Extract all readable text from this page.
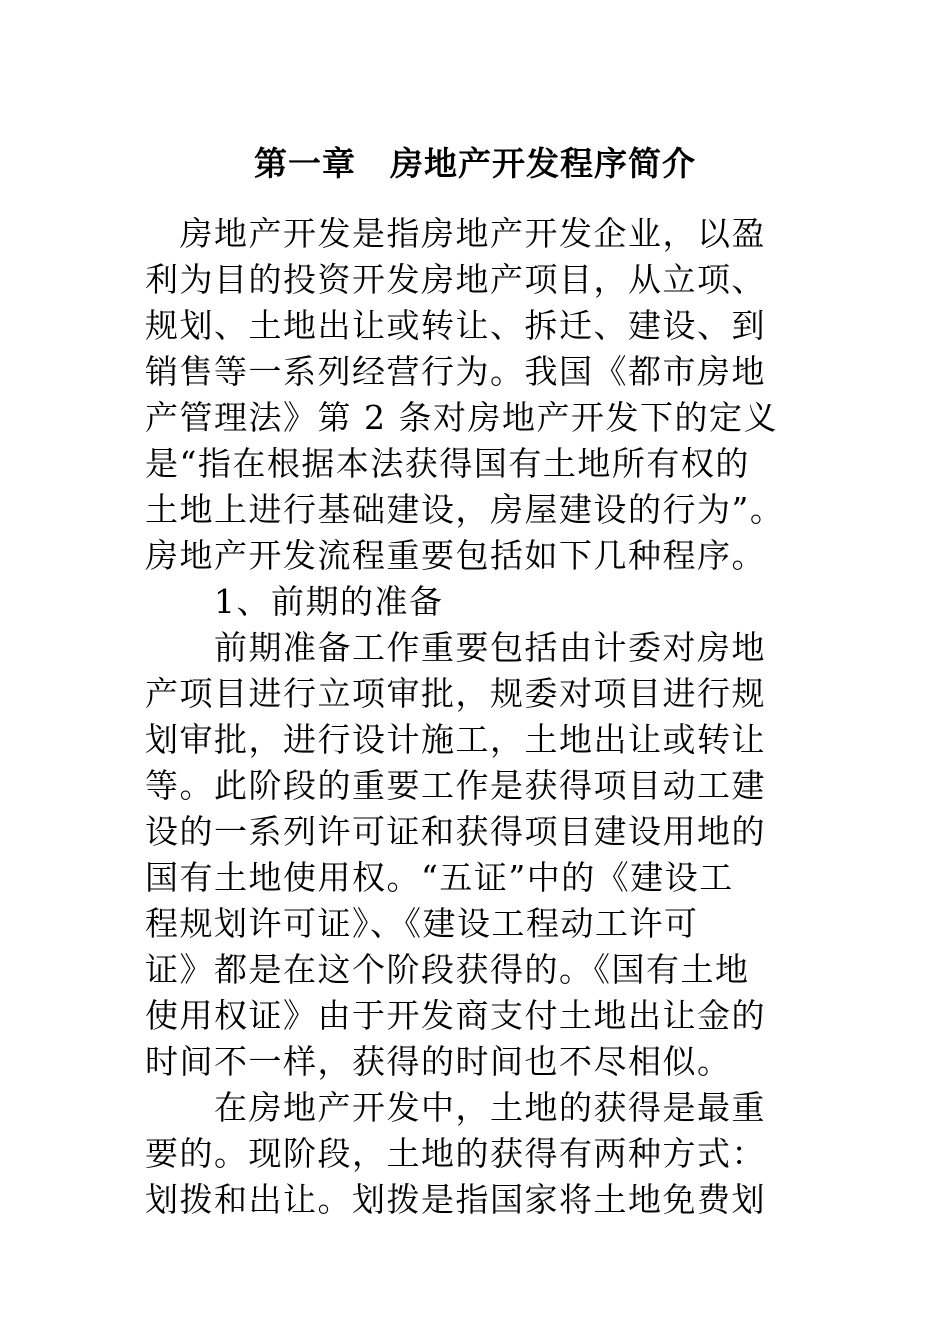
第一章　房地产开发程序简介
　房地产开发是指房地产开发企业，以盈
利为目的投资开发房地产项目，从立项、
规划、土地出让或转让、拆迁、建设、到
销售等一系列经营行为。我国《都市房地
产管理法》第 2 条对房地产开发下的定义
是“指在根据本法获得国有土地所有权的
土地上进行基础建设，房屋建设的行为”。
房地产开发流程重要包括如下几种程序。
　　1、前期的准备
　　前期准备工作重要包括由计委对房地
产项目进行立项审批，规委对项目进行规
划审批，进行设计施工，土地出让或转让
等。此阶段的重要工作是获得项目动工建
设的一系列许可证和获得项目建设用地的
国有土地使用权。“五证”中的《建设工
程规划许可证》、《建设工程动工许可
证》都是在这个阶段获得的。《国有土地
使用权证》由于开发商支付土地出让金的
时间不一样，获得的时间也不尽相似。
　　在房地产开发中，土地的获得是最重
要的。现阶段，土地的获得有两种方式：
划拨和出让。划拨是指国家将土地免费划
